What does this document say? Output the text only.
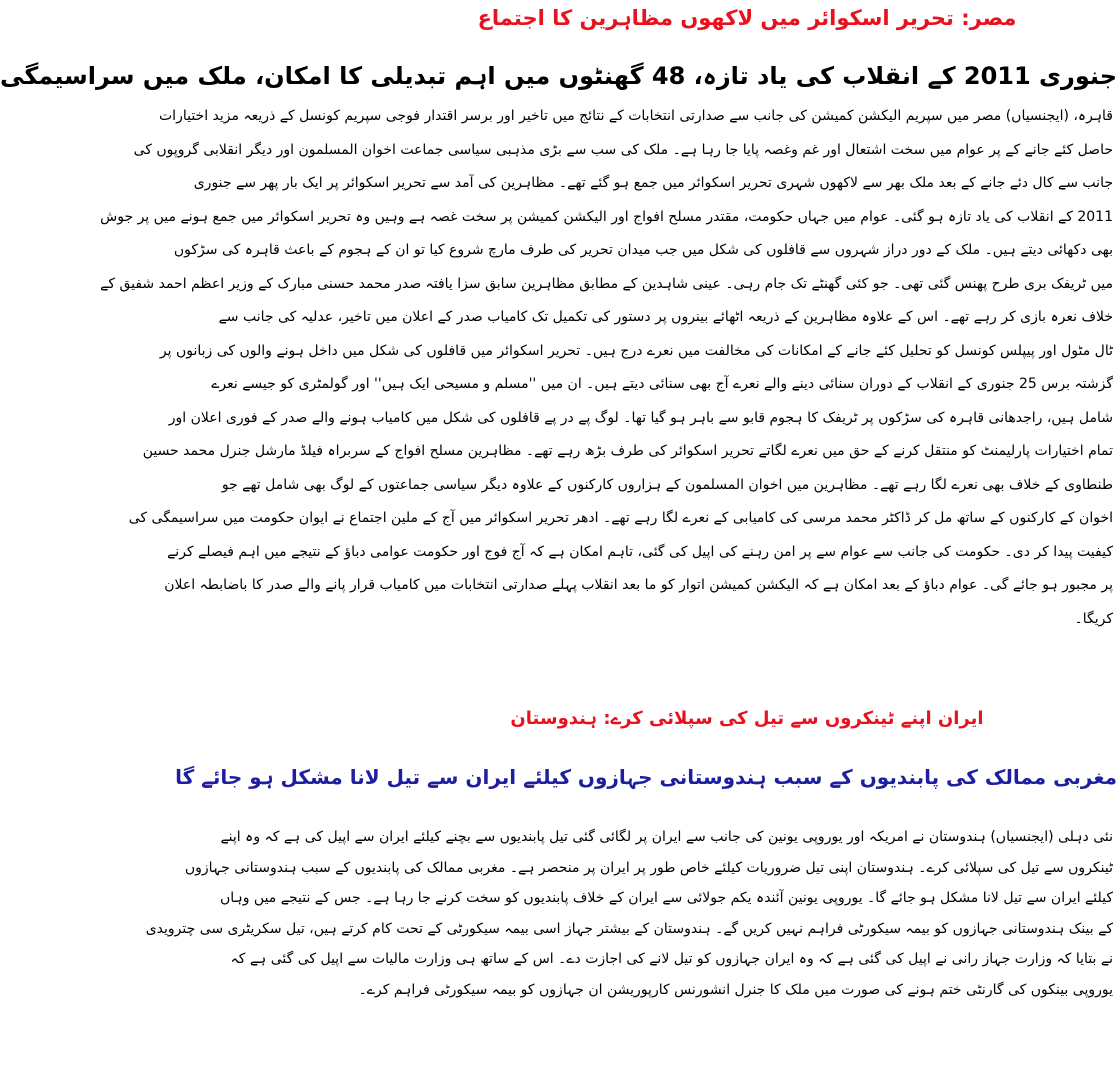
مصر: تحریر اسکوائر میں لاکھوں مظاہرین کا اجتماع
جنوری 2011 کے انقلاب کی یاد تازہ، 48 گھنٹوں میں اہم تبدیلی کا امکان، ملک میں سراسیمگی
قاہرہ، (ایجنسیاں) مصر میں سپریم الیکشن کمیشن کی جانب سے صدارتی انتخابات کے نتائج میں تاخیر اور برسر اقتدار فوجی سپریم کونسل کے ذریعہ مزید اختیارات
حاصل کئے جانے کے پر عوام میں سخت اشتعال اور غم وغصہ پایا جا رہا ہے۔ ملک کی سب سے بڑی مذہبی سیاسی جماعت اخوان المسلمون اور دیگر انقلابی گروپوں کی
جانب سے کال دئے جانے کے بعد ملک بھر سے لاکھوں شہری تحریر اسکوائر میں جمع ہو گئے تھے۔ مظاہرین کی آمد سے تحریر اسکوائر پر ایک بار پھر سے جنوری
2011 کے انقلاب کی یاد تازہ ہو گئی۔ عوام میں جہاں حکومت، مقتدر مسلح افواج اور الیکشن کمیشن پر سخت غصہ ہے وہیں وہ تحریر اسکوائر میں جمع ہونے میں پر جوش
بھی دکھائی دیتے ہیں۔ ملک کے دور دراز شہروں سے قافلوں کی شکل میں جب میدان تحریر کی طرف مارچ شروع کیا تو ان کے ہجوم کے باعث قاہرہ کی سڑکوں
میں ٹریفک بری طرح پھنس گئی تھی۔ جو کئی گھنٹے تک جام رہی۔ عینی شاہدین کے مطابق مظاہرین سابق سزا یافتہ صدر محمد حسنی مبارک کے وزیر اعظم احمد شفیق کے
خلاف نعرہ بازی کر رہے تھے۔ اس کے علاوہ مظاہرین کے ذریعہ اٹھائے بینروں پر دستور کی تکمیل تک کامیاب صدر کے اعلان میں تاخیر، عدلیہ کی جانب سے
ٹال مٹول اور پیپلس کونسل کو تحلیل کئے جانے کے امکانات کی مخالفت میں نعرے درج ہیں۔ تحریر اسکوائر میں قافلوں کی شکل میں داخل ہونے والوں کی زبانوں پر
گزشتہ برس 25 جنوری کے انقلاب کے دوران سنائی دینے والے نعرے آج بھی سنائی دیتے ہیں۔ ان میں ''مسلم و مسیحی ایک ہیں'' اور گولمٹری کو جیسے نعرے
شامل ہیں، راجدھانی قاہرہ کی سڑکوں پر ٹریفک کا ہجوم قابو سے باہر ہو گیا تھا۔ لوگ پے در پے قافلوں کی شکل میں کامیاب ہونے والے صدر کے فوری اعلان اور
تمام اختیارات پارلیمنٹ کو منتقل کرنے کے حق میں نعرے لگاتے تحریر اسکوائر کی طرف بڑھ رہے تھے۔ مظاہرین مسلح افواج کے سربراہ فیلڈ مارشل جنرل محمد حسین
طنطاوی کے خلاف بھی نعرے لگا رہے تھے۔ مظاہرین میں اخوان المسلمون کے ہزاروں کارکنوں کے علاوہ دیگر سیاسی جماعتوں کے لوگ بھی شامل تھے جو
اخوان کے کارکنوں کے ساتھ مل کر ڈاکٹر محمد مرسی کی کامیابی کے نعرے لگا رہے تھے۔ ادھر تحریر اسکوائر میں آج کے ملین اجتماع نے ایوان حکومت میں سراسیمگی کی
کیفیت پیدا کر دی۔ حکومت کی جانب سے عوام سے پر امن رہنے کی اپیل کی گئی، تاہم امکان ہے کہ آج فوج اور حکومت عوامی دباؤ کے نتیجے میں اہم فیصلے کرنے
پر مجبور ہو جائے گی۔ عوام دباؤ کے بعد امکان ہے کہ الیکشن کمیشن اتوار کو ما بعد انقلاب پہلے صدارتی انتخابات میں کامیاب قرار پانے والے صدر کا باضابطہ اعلان
کریگا۔
ایران اپنے ٹینکروں سے تیل کی سپلائی کرے: ہندوستان
مغربی ممالک کی پابندیوں کے سبب ہندوستانی جہازوں کیلئے ایران سے تیل لانا مشکل ہو جائے گا
نئی دہلی (ایجنسیاں) ہندوستان نے امریکہ اور یوروپی یونین کی جانب سے ایران پر لگائی گئی تیل پابندیوں سے بچنے کیلئے ایران سے اپیل کی ہے کہ وہ اپنے
ٹینکروں سے تیل کی سپلائی کرے۔ ہندوستان اپنی تیل ضروریات کیلئے خاص طور پر ایران پر منحصر ہے۔ مغربی ممالک کی پابندیوں کے سبب ہندوستانی جہازوں
کیلئے ایران سے تیل لانا مشکل ہو جائے گا۔ یوروپی یونین آئندہ یکم جولائی سے ایران کے خلاف پابندیوں کو سخت کرنے جا رہا ہے۔ جس کے نتیجے میں وہاں
کے بینک ہندوستانی جہازوں کو بیمہ سیکورٹی فراہم نہیں کریں گے۔ ہندوستان کے بیشتر جہاز اسی بیمہ سیکورٹی کے تحت کام کرتے ہیں، تیل سکریٹری سی چترویدی
نے بتایا کہ وزارت جہاز رانی نے اپیل کی گئی ہے کہ وہ ایران جہازوں کو تیل لانے کی اجازت دے۔ اس کے ساتھ ہی وزارت مالیات سے اپیل کی گئی ہے کہ
یوروپی بینکوں کی گارنٹی ختم ہونے کی صورت میں ملک کا جنرل انشورنس کارپوریشن ان جہازوں کو بیمہ سیکورٹی فراہم کرے۔
